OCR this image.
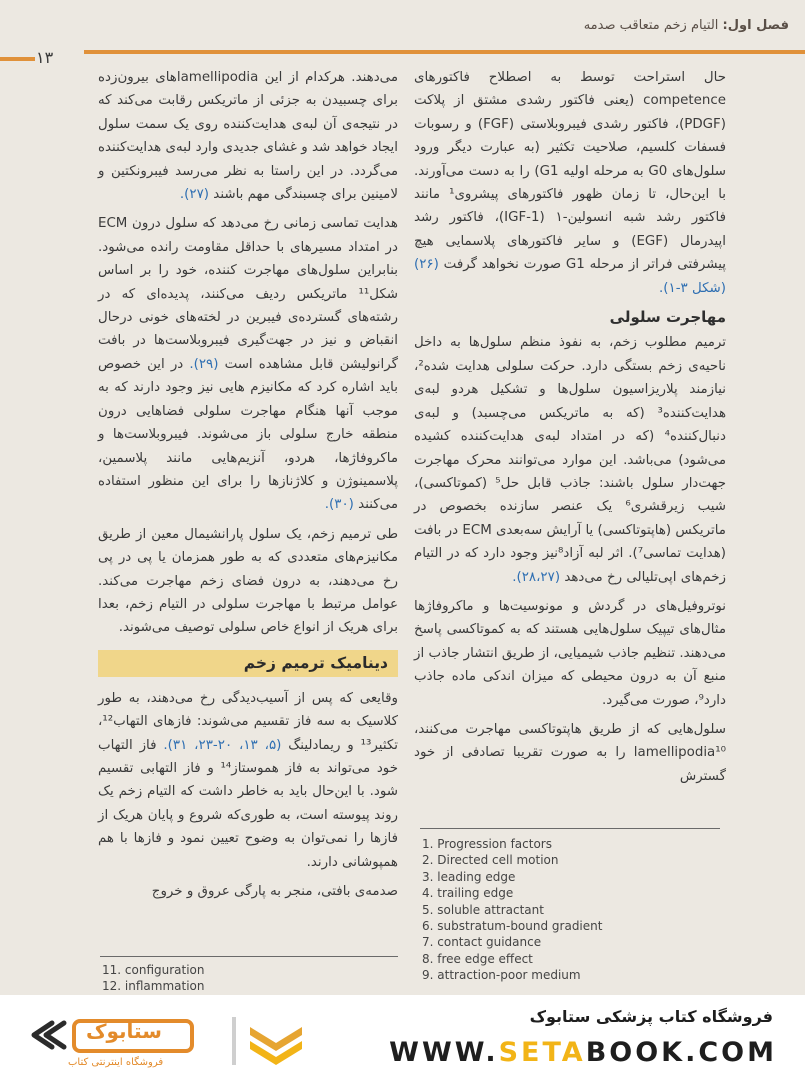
فصل اول: التیام زخم متعاقب صدمه
۱۳

حال استراحت توسط به اصطلاح فاکتورهای competence (یعنی فاکتور رشدی مشتق از پلاکت (PDGF)، فاکتور رشدی فیبروبلاستی (FGF) و رسوبات فسفات کلسیم، صلاحیت تکثیر (به عبارت دیگر ورود سلول‌های G0 به مرحله اولیه G1) را به دست می‌آورند. با این‌حال، تا زمان ظهور فاکتورهای پیشروی¹ مانند فاکتور رشد شبه انسولین-۱ (IGF-1)، فاکتور رشد اپیدرمال (EGF) و سایر فاکتورهای پلاسمایی هیچ پیشرفتی فراتر از مرحله G1 صورت نخواهد گرفت (۲۶) (شکل ۳-۱).

مهاجرت سلولی

ترمیم مطلوب زخم، به نفوذ منظم سلول‌ها به داخل ناحیه‌ی زخم بستگی دارد. حرکت سلولی هدایت شده²، نیازمند پلاریزاسیون سلول‌ها و تشکیل هردو لبه‌ی هدایت‌کننده³ (که به ماتریکس می‌چسبد) و لبه‌ی دنبال‌کننده⁴ (که در امتداد لبه‌ی هدایت‌کننده کشیده می‌شود) می‌باشد. این موارد می‌توانند محرک مهاجرت جهت‌دار سلول باشند: جاذب قابل حل⁵ (کموتاکسی)، شیب زیرقشری⁶ یک عنصر سازنده بخصوص در ماتریکس (هاپتوتاکسی) یا آرایش سه‌بعدی ECM در بافت (هدایت تماسی⁷). اثر لبه آزاد⁸نیز وجود دارد که در التیام زخم‌های اپی‌تلیالی رخ می‌دهد (۲۸،۲۷).

نوتروفیل‌های در گردش و مونوسیت‌ها و ماکروفاژها مثال‌های تیپیک سلول‌هایی هستند که به کموتاکسی پاسخ می‌دهند. تنظیم جاذب شیمیایی، از طریق انتشار جاذب از منبع آن به درون محیطی که میزان اندکی ماده جاذب دارد⁹، صورت می‌گیرد.

سلول‌هایی که از طریق هاپتوتاکسی مهاجرت می‌کنند، lamellipodia¹⁰ را به صورت تقریبا تصادفی از خود گسترش

می‌دهند. هرکدام از این lamellipodiaهای بیرون‌زده برای چسبیدن به جزئی از ماتریکس رقابت می‌کند که در نتیجه‌ی آن لبه‌ی هدایت‌کننده روی یک سمت سلول ایجاد خواهد شد و غشای جدیدی وارد لبه‌ی هدایت‌کننده می‌گردد. در این راستا به نظر می‌رسد فیبرونکتین و لامینین برای چسبندگی مهم باشند (۲۷).

هدایت تماسی زمانی رخ می‌دهد که سلول درون ECM در امتداد مسیرهای با حداقل مقاومت رانده می‌شود. بنابراین سلول‌های مهاجرت کننده، خود را بر اساس شکل¹¹ ماتریکس ردیف می‌کنند، پدیده‌ای که در رشته‌های گسترده‌ی فیبرین در لخته‌های خونی درحال انقباض و نیز در جهت‌گیری فیبروبلاست‌ها در بافت گرانولیشن قابل مشاهده است (۲۹). در این خصوص باید اشاره کرد که مکانیزم هایی نیز وجود دارند که به موجب آنها هنگام مهاجرت سلولی فضاهایی درون منطقه خارج سلولی باز می‌شوند. فیبروبلاست‌ها و ماکروفاژها، هردو، آنزیم‌هایی مانند پلاسمین، پلاسمینوژن و کلاژنازها را برای این منظور استفاده می‌کنند (۳۰).

طی ترمیم زخم، یک سلول پارانشیمال معین از طریق مکانیزم‌های متعددی که به طور همزمان یا پی در پی رخ می‌دهند، به درون فضای زخم مهاجرت می‌کند. عوامل مرتبط با مهاجرت سلولی در التیام زخم، بعدا برای هریک از انواع خاص سلولی توصیف می‌شوند.

دینامیک ترمیم زخم

وقایعی که پس از آسیب‌دیدگی رخ می‌دهند، به طور کلاسیک به سه فاز تقسیم می‌شوند: فازهای التهاب¹²، تکثیر¹³ و ریمادلینگ (۵، ۱۳، ۲۰-۲۳، ۳۱). فاز التهاب خود می‌تواند به فاز هموستاز¹⁴ و فاز التهابی تقسیم شود. با این‌حال باید به خاطر داشت که التیام زخم یک روند پیوسته است، به طوری‌که شروع و پایان هریک از فازها را نمی‌توان به وضوح تعیین نمود و فازها با هم همپوشانی دارند.

صدمه‌ی بافتی، منجر به پارگی عروق و خروج

1. Progression factors
2. Directed cell motion
3. leading edge
4. trailing edge
5. soluble attractant
6. substratum-bound gradient
7. contact guidance
8. free edge effect
9. attraction-poor medium
11. configuration
12. inflammation
فروشگاه اینترنتی کتاب
ستابوک
فروشگاه کتاب پزشکی ستابوک
WWW.SETABOOK.COM
